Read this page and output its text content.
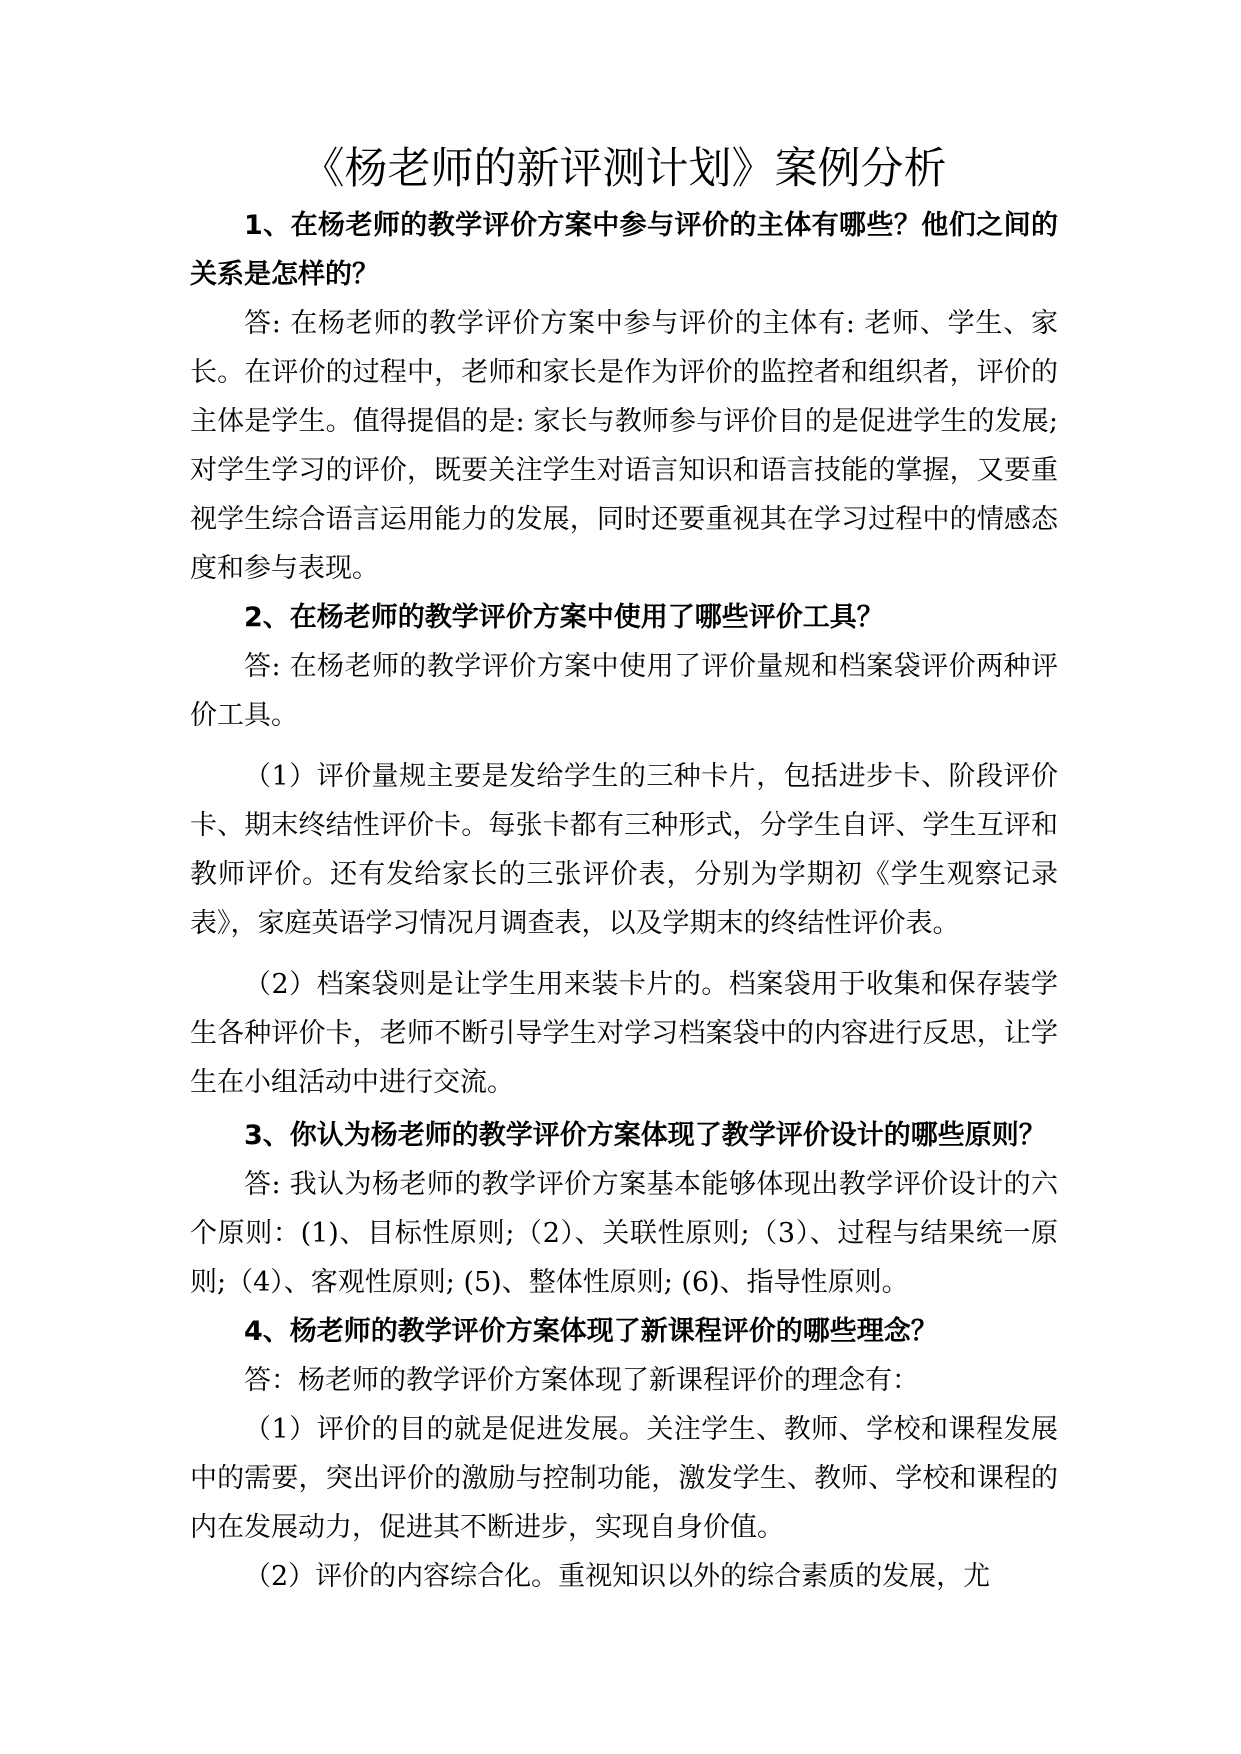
《杨老师的新评测计划》案例分析

1、在杨老师的教学评价方案中参与评价的主体有哪些？他们之间的关系是怎样的？

答: 在杨老师的教学评价方案中参与评价的主体有: 老师、学生、家长。在评价的过程中，老师和家长是作为评价的监控者和组织者，评价的主体是学生。值得提倡的是: 家长与教师参与评价目的是促进学生的发展; 对学生学习的评价，既要关注学生对语言知识和语言技能的掌握，又要重视学生综合语言运用能力的发展，同时还要重视其在学习过程中的情感态度和参与表现。

2、在杨老师的教学评价方案中使用了哪些评价工具？

答: 在杨老师的教学评价方案中使用了评价量规和档案袋评价两种评价工具。

（1）评价量规主要是发给学生的三种卡片，包括进步卡、阶段评价卡、期末终结性评价卡。每张卡都有三种形式，分学生自评、学生互评和教师评价。还有发给家长的三张评价表，分别为学期初《学生观察记录表》，家庭英语学习情况月调查表，以及学期末的终结性评价表。

（2）档案袋则是让学生用来装卡片的。档案袋用于收集和保存装学生各种评价卡，老师不断引导学生对学习档案袋中的内容进行反思，让学生在小组活动中进行交流。

3、你认为杨老师的教学评价方案体现了教学评价设计的哪些原则？

答: 我认为杨老师的教学评价方案基本能够体现出教学评价设计的六个原则：(1)、目标性原则;（2）、关联性原则;（3）、过程与结果统一原则;（4）、客观性原则; (5)、整体性原则; (6)、指导性原则。

4、杨老师的教学评价方案体现了新课程评价的哪些理念？

答：杨老师的教学评价方案体现了新课程评价的理念有：

（1）评价的目的就是促进发展。关注学生、教师、学校和课程发展中的需要，突出评价的激励与控制功能，激发学生、教师、学校和课程的内在发展动力，促进其不断进步，实现自身价值。

（2）评价的内容综合化。重视知识以外的综合素质的发展，尤
